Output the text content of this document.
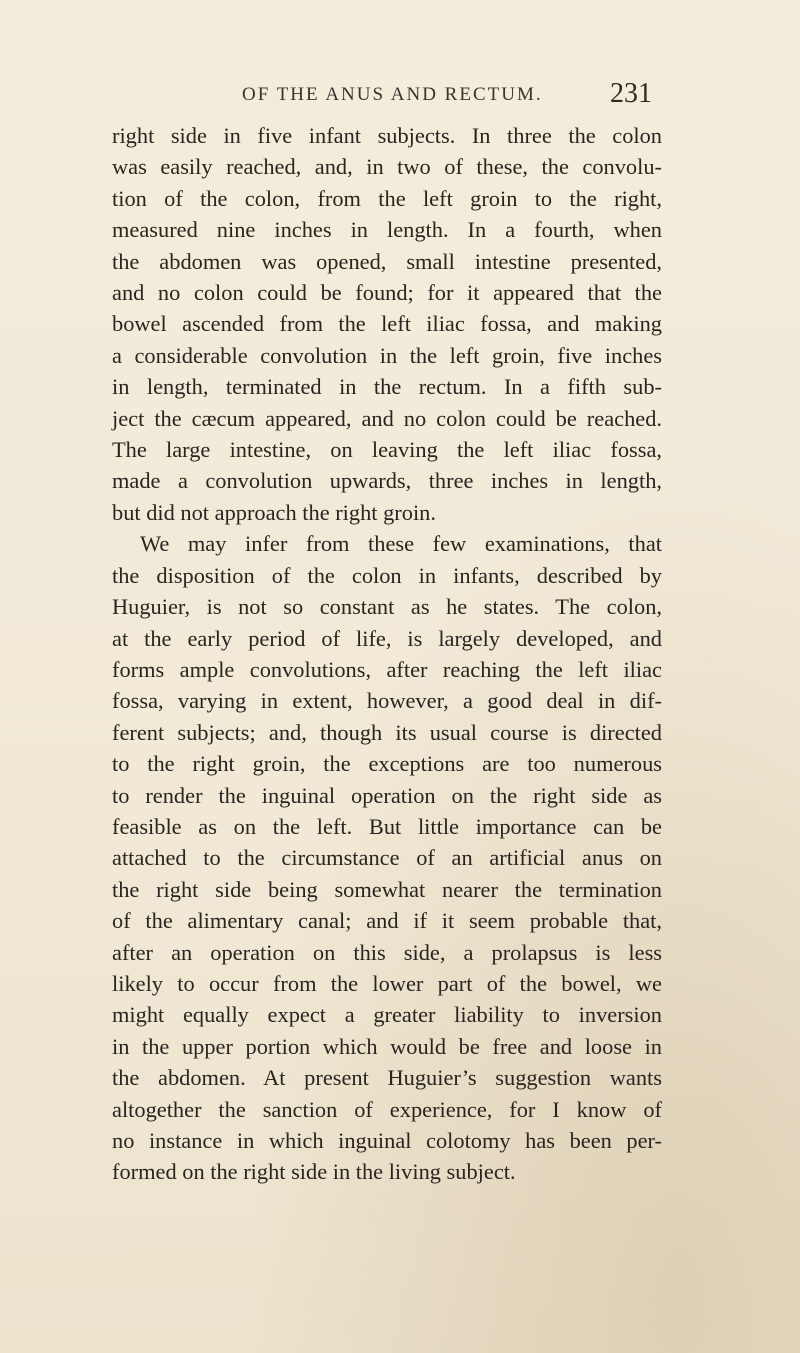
OF THE ANUS AND RECTUM. 231
right side in five infant subjects. In three the colon
was easily reached, and, in two of these, the convolu-
tion of the colon, from the left groin to the right,
measured nine inches in length. In a fourth, when
the abdomen was opened, small intestine presented,
and no colon could be found; for it appeared that the
bowel ascended from the left iliac fossa, and making
a considerable convolution in the left groin, five inches
in length, terminated in the rectum. In a fifth sub-
ject the cæcum appeared, and no colon could be reached.
The large intestine, on leaving the left iliac fossa,
made a convolution upwards, three inches in length,
but did not approach the right groin.
We may infer from these few examinations, that
the disposition of the colon in infants, described by
Huguier, is not so constant as he states. The colon,
at the early period of life, is largely developed, and
forms ample convolutions, after reaching the left iliac
fossa, varying in extent, however, a good deal in dif-
ferent subjects; and, though its usual course is directed
to the right groin, the exceptions are too numerous
to render the inguinal operation on the right side as
feasible as on the left. But little importance can be
attached to the circumstance of an artificial anus on
the right side being somewhat nearer the termination
of the alimentary canal; and if it seem probable that,
after an operation on this side, a prolapsus is less
likely to occur from the lower part of the bowel, we
might equally expect a greater liability to inversion
in the upper portion which would be free and loose in
the abdomen. At present Huguier’s suggestion wants
altogether the sanction of experience, for I know of
no instance in which inguinal colotomy has been per-
formed on the right side in the living subject.
